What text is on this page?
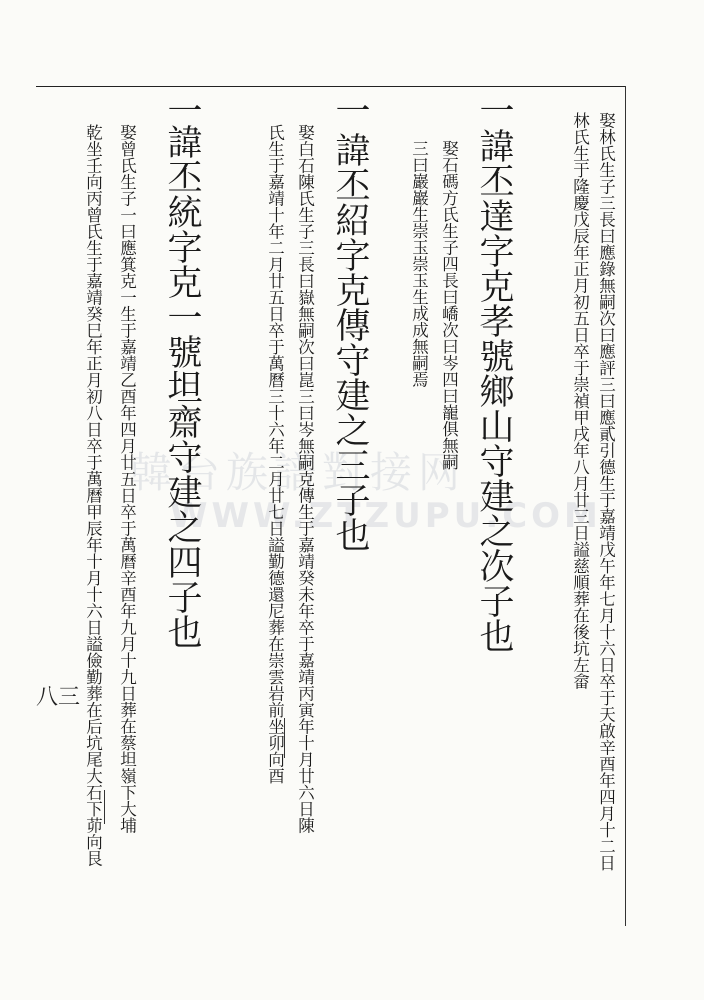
韓台族譜對接网
WWW.ZTZUPU.COM
娶林氏生子三長曰應錄無嗣次曰應評三曰應貳引德生于嘉靖戊午年七月十六日卒于天啟辛酉年四月十二日
林氏生于隆慶戊辰年正月初五日卒于崇禎甲戌年八月廿三日謚慈順葬在後坑左畲
一
諱丕達字克孝號鄉山守建之次子也
娶石碼方氏生子四長曰嶠次曰岑四曰巃俱無嗣
三曰巖巖生崇玉崇玉生成成無嗣焉
一
諱丕紹字克傳守建之三子也
娶白石陳氏生子三長曰嶽無嗣次曰崑三曰岑無嗣克傳生于嘉靖癸未年卒于嘉靖丙寅年十月廿六日陳
氏生于嘉靖十年二月廿五日卒于萬曆三十六年二月廿七日謚勤德還尼葬在崇雲岩前坐卯向酉
一
諱丕統字克一號坦齋守建之四子也
娶曾氏生子一曰應箕克一生于嘉靖乙酉年四月廿五日卒于萬曆辛酉年九月十九日葬在蔡坦嶺下大埔
乾坐壬向丙曾氏生于嘉靖癸巳年正月初八日卒于萬曆甲辰年十月十六日謚儉勤葬在后坑尾大石下茆向艮
八三
